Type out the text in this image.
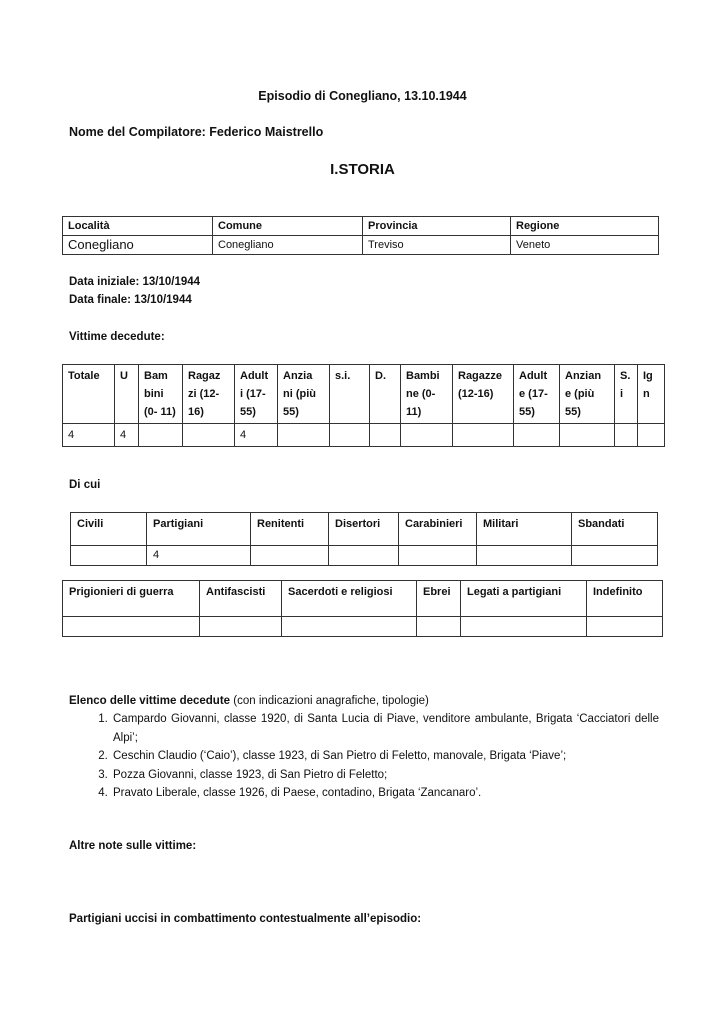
Episodio di Conegliano, 13.10.1944
Nome del Compilatore: Federico Maistrello
I.STORIA
Località	Comune	Provincia	Regione
Conegliano	Conegliano	Treviso	Veneto
Data iniziale: 13/10/1944
Data finale: 13/10/1944
Vittime decedute:
Totale	U	Bam bini (0- 11)	Ragaz zi (12- 16)	Adult i (17- 55)	Anzia ni (più 55)	s.i.	D.	Bambi ne (0- 11)	Ragazze (12-16)	Adult e (17- 55)	Anzian e (più 55)	S. i	Ig n
4	4			4									
Di cui
Civili	Partigiani	Renitenti	Disertori	Carabinieri	Militari	Sbandati
	4					
Prigionieri di guerra	Antifascisti	Sacerdoti e religiosi	Ebrei	Legati a partigiani	Indefinito

Elenco delle vittime decedute (con indicazioni anagrafiche, tipologie)
1. Campardo Giovanni, classe 1920, di Santa Lucia di Piave, venditore ambulante, Brigata ‘Cacciatori delle Alpi’;
2. Ceschin Claudio (‘Caio’), classe 1923, di San Pietro di Feletto, manovale, Brigata ‘Piave’;
3. Pozza Giovanni, classe 1923, di San Pietro di Feletto;
4. Pravato Liberale, classe 1926, di Paese, contadino, Brigata ‘Zancanaro’.
Altre note sulle vittime:
Partigiani uccisi in combattimento contestualmente all’episodio:
